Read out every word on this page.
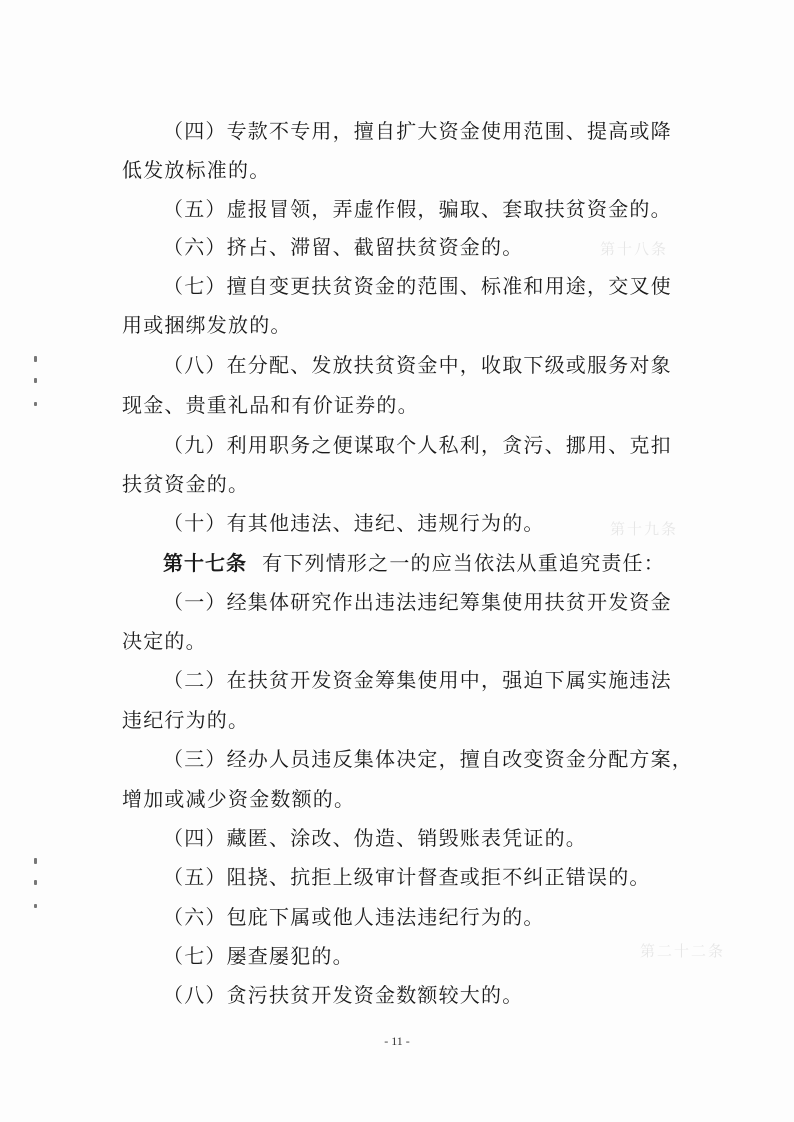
第十八条
第十九条
第二十二条
（四）专款不专用，擅自扩大资金使用范围、提高或降
低发放标准的。
（五）虚报冒领，弄虚作假，骗取、套取扶贫资金的。
（六）挤占、滞留、截留扶贫资金的。
（七）擅自变更扶贫资金的范围、标准和用途，交叉使
用或捆绑发放的。
（八）在分配、发放扶贫资金中，收取下级或服务对象
现金、贵重礼品和有价证券的。
（九）利用职务之便谋取个人私利，贪污、挪用、克扣
扶贫资金的。
（十）有其他违法、违纪、违规行为的。
第十七条 有下列情形之一的应当依法从重追究责任：
（一）经集体研究作出违法违纪筹集使用扶贫开发资金
决定的。
（二）在扶贫开发资金筹集使用中，强迫下属实施违法
违纪行为的。
（三）经办人员违反集体决定，擅自改变资金分配方案，
增加或减少资金数额的。
（四）藏匿、涂改、伪造、销毁账表凭证的。
（五）阻挠、抗拒上级审计督查或拒不纠正错误的。
（六）包庇下属或他人违法违纪行为的。
（七）屡查屡犯的。
（八）贪污扶贫开发资金数额较大的。
- 11 -
